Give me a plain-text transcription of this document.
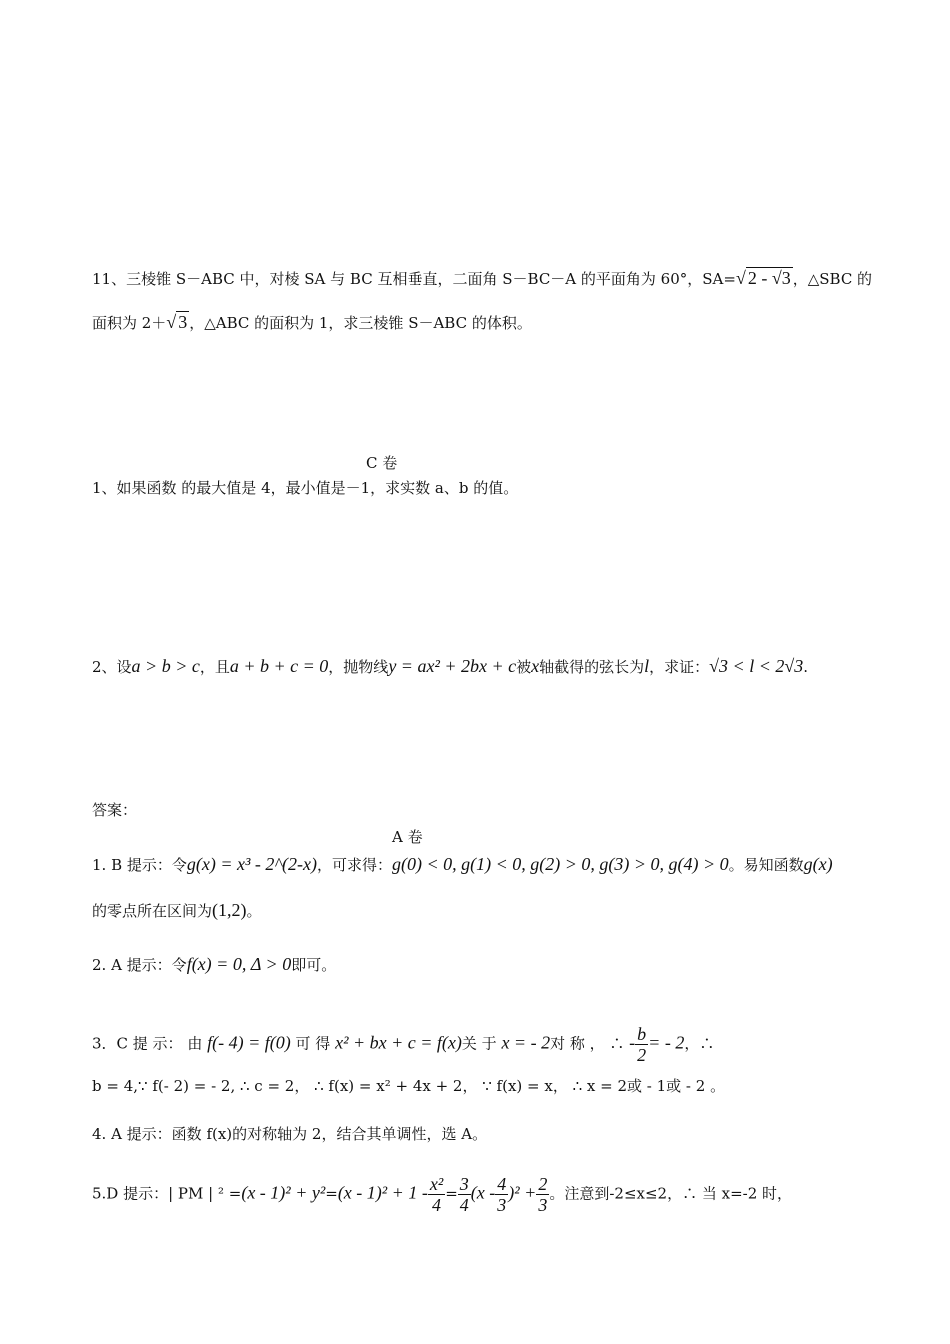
11、三棱锥 S－ABC 中，对棱 SA 与 BC 互相垂直，二面角 S－BC－A 的平面角为 60°，SA=√ 2 - √3 ，△SBC 的
面积为 2＋√ 3 ，△ABC 的面积为 1，求三棱锥 S－ABC 的体积。
C 卷
1、如果函数 的最大值是 4，最小值是－1，求实数 a、b 的值。
2、设a > b > c，且a + b + c = 0，抛物线y = ax² + 2bx + c被x轴截得的弦长为l，求证：√3 < l < 2√3.
答案：
A 卷
1. B 提示：令g(x) = x³ - 2^(2-x)，可求得：g(0) < 0, g(1) < 0, g(2) > 0, g(3) > 0, g(4) > 0。易知函数g(x)
的零点所在区间为(1,2)。
2. A 提示：令f(x) = 0, Δ > 0即可。
3．C 提 示： 由 f(- 4) = f(0) 可 得 x² + bx + c = f(x)关 于 x = - 2对 称 ， ∴ - $\frac{b}{2}$ = - 2，∴
b = 4,∵ f(- 2) = - 2, ∴ c = 2， ∴ f(x) = x² + 4x + 2， ∵ f(x) = x， ∴ x = 2或 - 1或 - 2 。
4. A 提示：函数 f(x)的对称轴为 2，结合其单调性，选 A。
5.D 提示：| PM | $^2 =(x - 1)^2 + y^2=(x - 1)^2 + 1 - \frac{\text{x²}}{4} = \frac{3}{4} (x - \frac{4}{3} )^2 + \frac{2}{3}$ 。注意到-2≤x≤2，∴ 当 x=-2 时，
